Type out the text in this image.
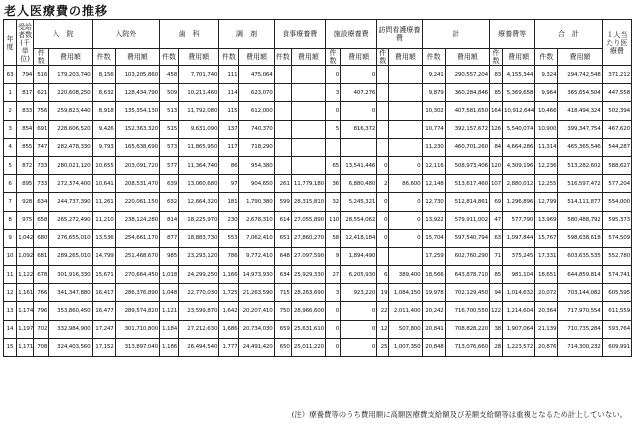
老人医療費の推移
年度	受給者数(千単位)	入　院		入院外		歯　科		調　剤		食事療養費		施設療養費		訪問看護療養費		計		療養費等		合　計		１人当たり医療費
		件数	費用額	件数	費用額	件数	費用額	件数	費用額	件数	費用額	件数	費用額	件数	費用額	件数	費用額	件数	費用額	件数	費用額	
63	794	516	179,203,740	8,156	103,205,860	458	7,701,740	111	475,064			0	0			9,241	290,557,204	83	4,155,344	9,324	294,742,548	371,212
1	817	621	220,608,250	8,632	128,434,790	509	10,211,460	114	623,070			3	407,276			9,879	360,284,846	85	5,369,658	9,964	365,654,504	447,558
2	833	756	259,823,440	8,918	135,354,130	513	11,792,080	115	612,000			0	0			10,302	407,581,650	164	10,912,644	10,466	418,494,324	502,394
3	854	691	228,606,520	9,426	152,363,320	515	9,631,090	137	740,370			5	816,372			10,774	392,157,672	126	5,540,074	10,900	399,347,754	467,620
4	855	747	282,478,330	9,793	165,638,690	573	11,865,950	117	718,290							11,230	460,701,260	84	4,664,286	11,314	465,365,546	544,287
5	872	733	280,021,120	10,655	203,091,720	577	11,364,740	86	954,380			65	13,541,446	0	0	12,116	508,973,406	120	4,309,196	12,236	513,282,602	588,627
6	895	733	272,374,400	10,641	208,531,470	639	13,060,680	97	904,650	261	11,779,180	36	6,880,480	2	86,600	12,148	513,617,460	107	2,880,012	12,255	516,597,472	577,204
7	928	634	244,737,390	11,261	220,061,150	632	12,664,320	181	1,790,380	599	28,315,810	32	5,245,321	0	0	12,730	512,814,861	69	1,296,896	12,799	514,111,877	554,000
8	975	658	265,272,490	11,210	238,124,280	814	18,225,970	230	2,678,310	614	27,055,890	110	28,554,062	0	0	13,922	579,911,002	47	577,790	13,969	580,488,792	595,373
9	1,042	680	276,655,010	13,536	254,661,170	877	18,883,730	553	7,062,410	651	27,860,270	58	12,418,184	0	0	15,704	597,540,794	63	1,097,844	15,767	598,638,618	574,509
10	1,092	681	289,265,010	14,799	251,468,670	985	23,293,120	786	9,772,410	648	27,097,590	9	1,894,490			17,259	602,760,290	71	375,245	17,331	603,635,535	552,780
11	1,122	678	301,916,330	15,671	270,664,450	1,018	24,299,250	1,166	14,973,930	634	25,929,330	27	6,205,930	6	389,400	18,566	643,878,710	85	981,104	18,651	644,859,814	574,741
12	1,161	766	341,347,880	16,417	286,376,890	1,048	22,770,030	1,725	21,263,590	715	28,263,690	3	923,220	19	1,084,150	19,978	702,129,450	94	1,014,632	20,072	703,144,082	605,595
13	1,174	796	353,860,450	16,477	289,574,820	1,121	23,599,870	1,642	20,207,410	750	28,966,600	0	0	22	2,011,400	20,242	716,700,550	122	1,214,604	20,364	717,970,554	611,559
14	1,197	702	332,984,900	17,247	301,710,800	1,184	27,212,630	1,686	20,734,030	659	25,631,610	0	0	12	507,800	20,841	708,828,220	38	1,907,064	21,139	710,735,284	593,764
15	1,171	708	324,403,560	17,152	313,897,040	1,186	26,494,540	1,777	24,491,420	650	25,011,220	0	0	25	1,007,350	20,848	713,076,660	28	1,223,572	20,876	714,300,232	609,991
(注）療養費等のうち費用額に高額医療費支給額及び差額支給額等は重複となるため計上していない。
